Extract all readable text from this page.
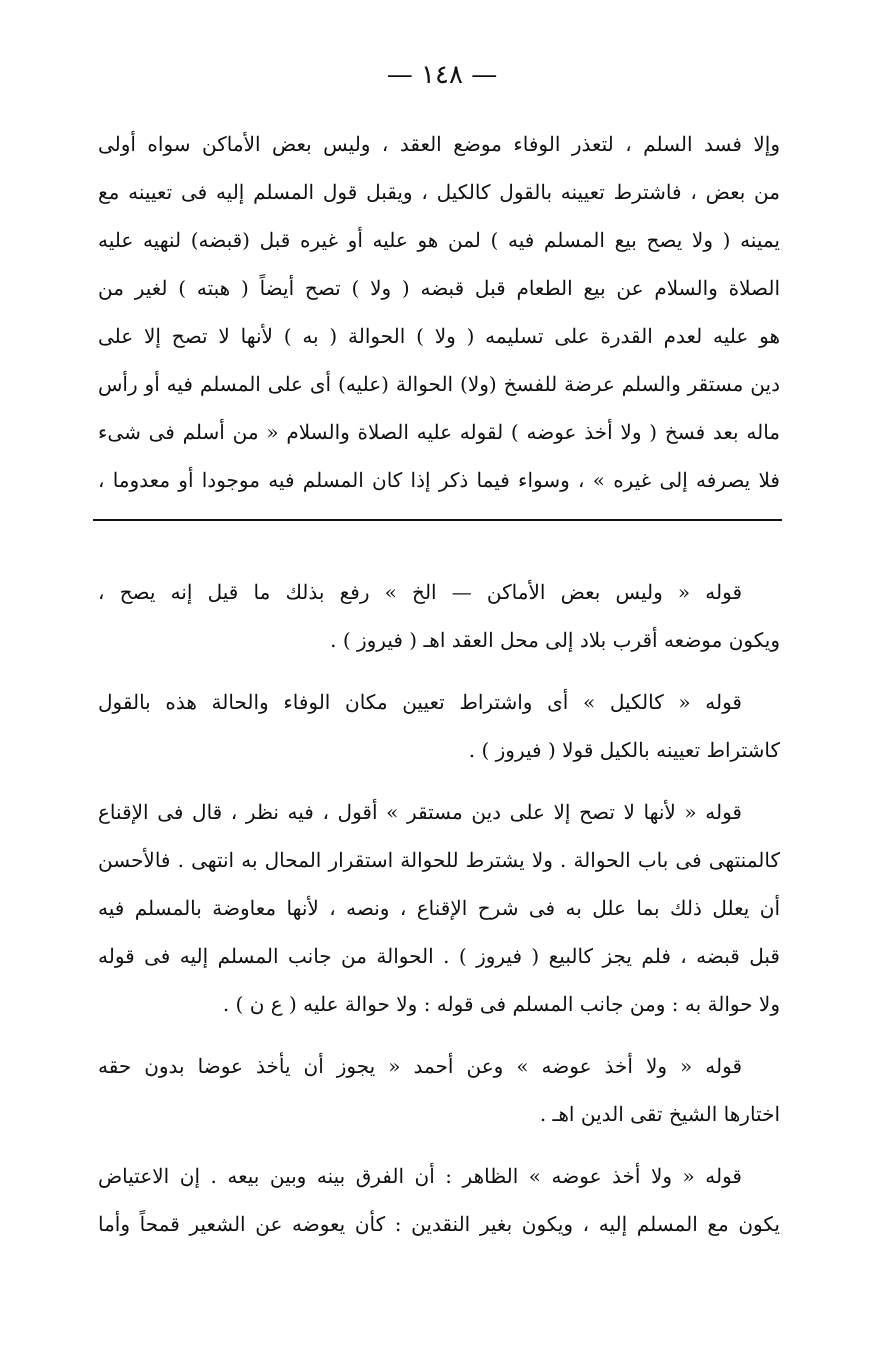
— ١٤٨ —
وإلا فسد السلم ، لتعذر الوفاء موضع العقد ، وليس بعض الأماكن سواه أولى
من بعض ، فاشترط تعيينه بالقول كالكيل ، ويقبل قول المسلم إليه فى تعيينه مع
يمينه ( ولا يصح بيع المسلم فيه ) لمن هو عليه أو غيره قبل (قبضه) لنهيه عليه
الصلاة والسلام عن بيع الطعام قبل قبضه ( ولا ) تصح أيضاً ( هبته ) لغير من
هو عليه لعدم القدرة على تسليمه ( ولا ) الحوالة ( به ) لأنها لا تصح إلا على
دين مستقر والسلم عرضة للفسخ (ولا) الحوالة (عليه) أى على المسلم فيه أو رأس
ماله بعد فسخ ( ولا أخذ عوضه ) لقوله عليه الصلاة والسلام « من أسلم فى شىء
فلا يصرفه إلى غيره » ، وسواء فيما ذكر إذا كان المسلم فيه موجودا أو معدوما ،
قوله « وليس بعض الأماكن — الخ » رفع بذلك ما قيل إنه يصح ،
ويكون موضعه أقرب بلاد إلى محل العقد اهـ ( فيروز ) .
قوله « كالكيل » أى واشتراط تعيين مكان الوفاء والحالة هذه بالقول
كاشتراط تعيينه بالكيل قولا ( فيروز ) .
قوله « لأنها لا تصح إلا على دين مستقر » أقول ، فيه نظر ، قال فى الإقناع
كالمنتهى فى باب الحوالة . ولا يشترط للحوالة استقرار المحال به انتهى . فالأحسن
أن يعلل ذلك بما علل به فى شرح الإقناع ، ونصه ، لأنها معاوضة بالمسلم فيه
قبل قبضه ، فلم يجز كالبيع ( فيروز ) . الحوالة من جانب المسلم إليه فى قوله
ولا حوالة به : ومن جانب المسلم فى قوله : ولا حوالة عليه ( ع ن ) .
قوله « ولا أخذ عوضه » وعن أحمد « يجوز أن يأخذ عوضا بدون حقه
اختارها الشيخ تقى الدين اهـ .
قوله « ولا أخذ عوضه » الظاهر : أن الفرق بينه وبين بيعه . إن الاعتياض
يكون مع المسلم إليه ، ويكون بغير النقدين : كأن يعوضه عن الشعير قمحاً وأما
